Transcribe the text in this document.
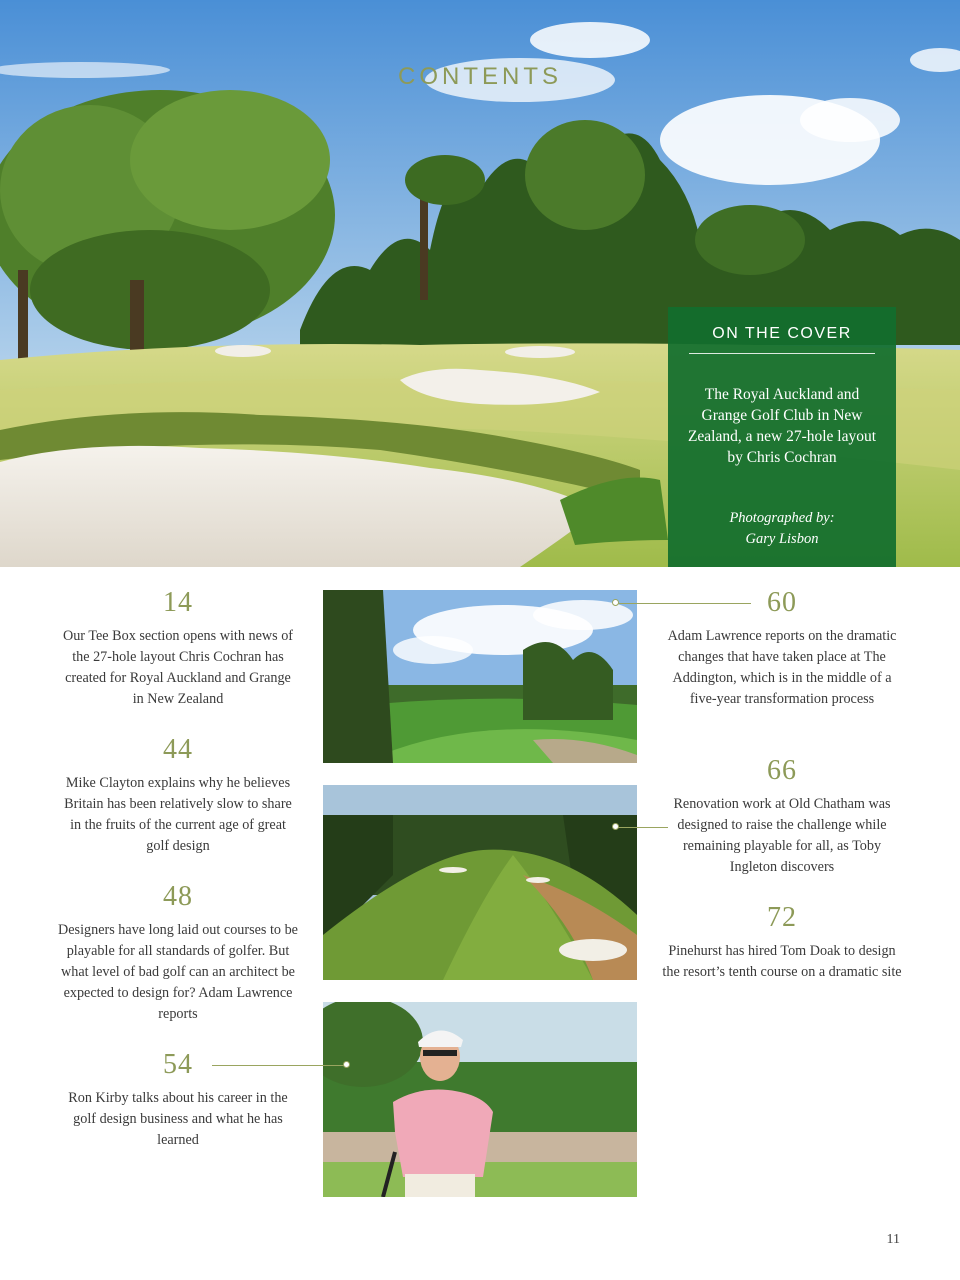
CONTENTS
ON THE COVER
The Royal Auckland and Grange Golf Club in New Zealand, a new 27-hole layout by Chris Cochran
Photographed by:
Gary Lisbon
14
Our Tee Box section opens with news of the 27-hole layout Chris Cochran has created for Royal Auckland and Grange in New Zealand
44
Mike Clayton explains why he believes Britain has been relatively slow to share in the fruits of the current age of great golf design
48
Designers have long laid out courses to be playable for all standards of golfer. But what level of bad golf can an architect be expected to design for? Adam Lawrence reports
54
Ron Kirby talks about his career in the golf design business and what he has learned
60
Adam Lawrence reports on the dramatic changes that have taken place at The Addington, which is in the middle of a five-year transformation process
66
Renovation work at Old Chatham was designed to raise the challenge while remaining playable for all, as Toby Ingleton discovers
72
Pinehurst has hired Tom Doak to design the resort’s tenth course on a dramatic site
11
